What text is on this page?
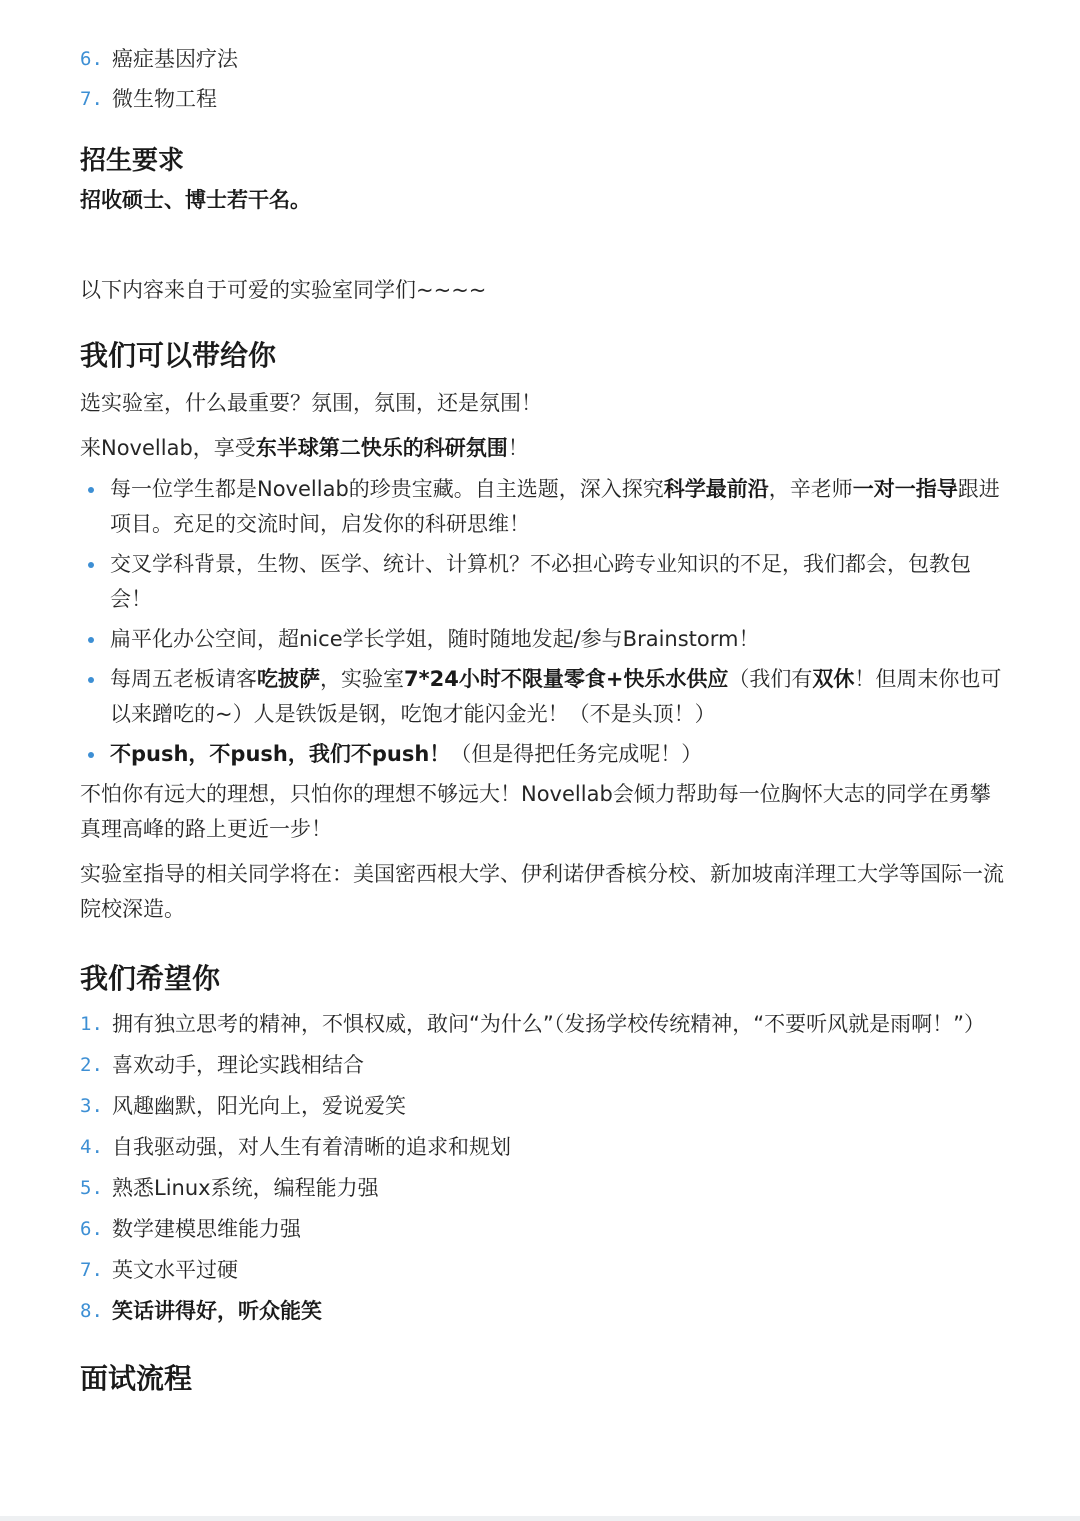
6. 癌症基因疗法
7. 微生物工程
招生要求

招收硕士、博士若干名。

以下内容来自于可爱的实验室同学们~~~~

我们可以带给你

选实验室，什么最重要？氛围，氛围，还是氛围！

来Novellab，享受东半球第二快乐的科研氛围！

每一位学生都是Novellab的珍贵宝藏。自主选题，深入探究科学最前沿，辛老师一对一指导跟进项目。充足的交流时间，启发你的科研思维！
交叉学科背景，生物、医学、统计、计算机？不必担心跨专业知识的不足，我们都会，包教包会！
扁平化办公空间，超nice学长学姐，随时随地发起/参与Brainstorm！
每周五老板请客吃披萨，实验室7*24小时不限量零食+快乐水供应（我们有双休！但周末你也可以来蹭吃的~）人是铁饭是钢，吃饱才能闪金光！（不是头顶！）
不push，不push，我们不push！（但是得把任务完成呢！）

不怕你有远大的理想，只怕你的理想不够远大！Novellab会倾力帮助每一位胸怀大志的同学在勇攀真理高峰的路上更近一步！

实验室指导的相关同学将在：美国密西根大学、伊利诺伊香槟分校、新加坡南洋理工大学等国际一流院校深造。

我们希望你
1. 拥有独立思考的精神，不惧权威，敢问“为什么”（发扬学校传统精神，“不要听风就是雨啊！”）
2. 喜欢动手，理论实践相结合
3. 风趣幽默，阳光向上，爱说爱笑
4. 自我驱动强，对人生有着清晰的追求和规划
5. 熟悉Linux系统，编程能力强
6. 数学建模思维能力强
7. 英文水平过硬
8. 笑话讲得好，听众能笑
面试流程
